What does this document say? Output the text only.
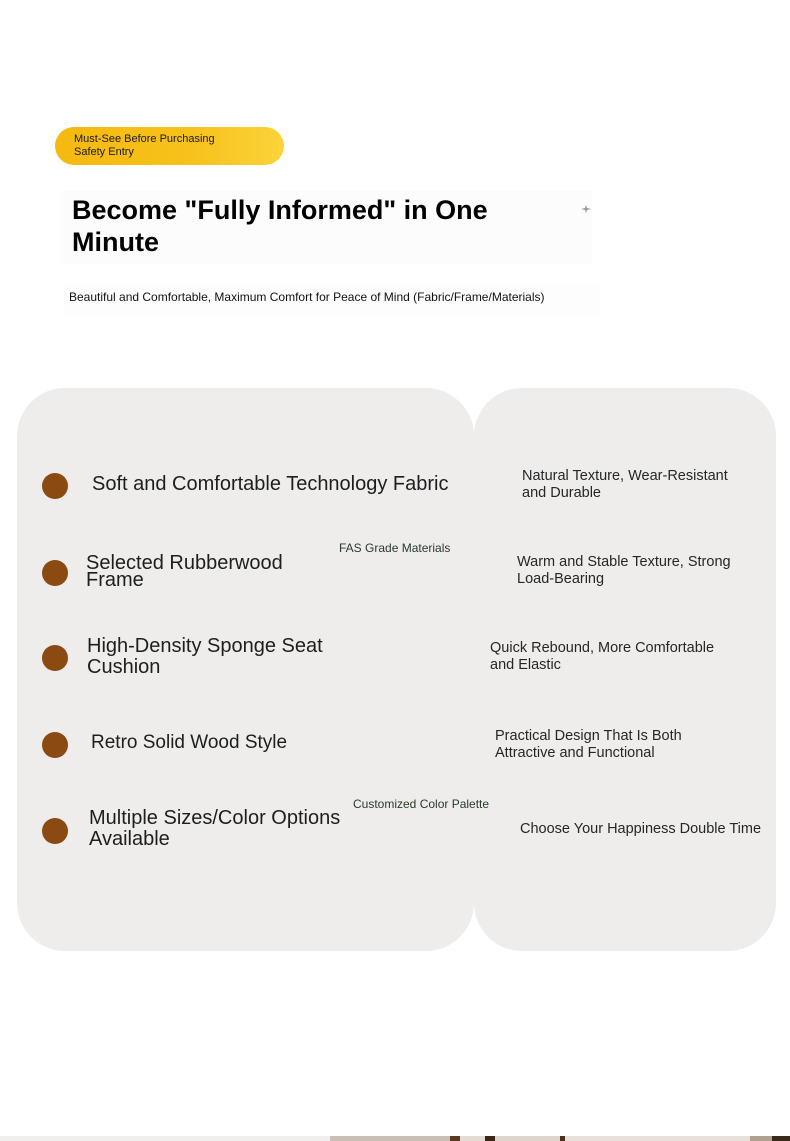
Must-See Before Purchasing
Safety Entry
Become "Fully Informed" in One Minute
Beautiful and Comfortable, Maximum Comfort for Peace of Mind (Fabric/Frame/Materials)
Soft and Comfortable Technology Fabric	Natural Texture, Wear-Resistant and Durable
Selected Rubberwood Frame
FAS Grade Materials
Warm and Stable Texture, Strong Load-Bearing
High-Density Sponge Seat Cushion
Quick Rebound, More Comfortable and Elastic
Retro Solid Wood Style	Practical Design That Is Both Attractive and Functional
Multiple Sizes/Color Options Available
Customized Color Palette
Choose Your Happiness Double Time
